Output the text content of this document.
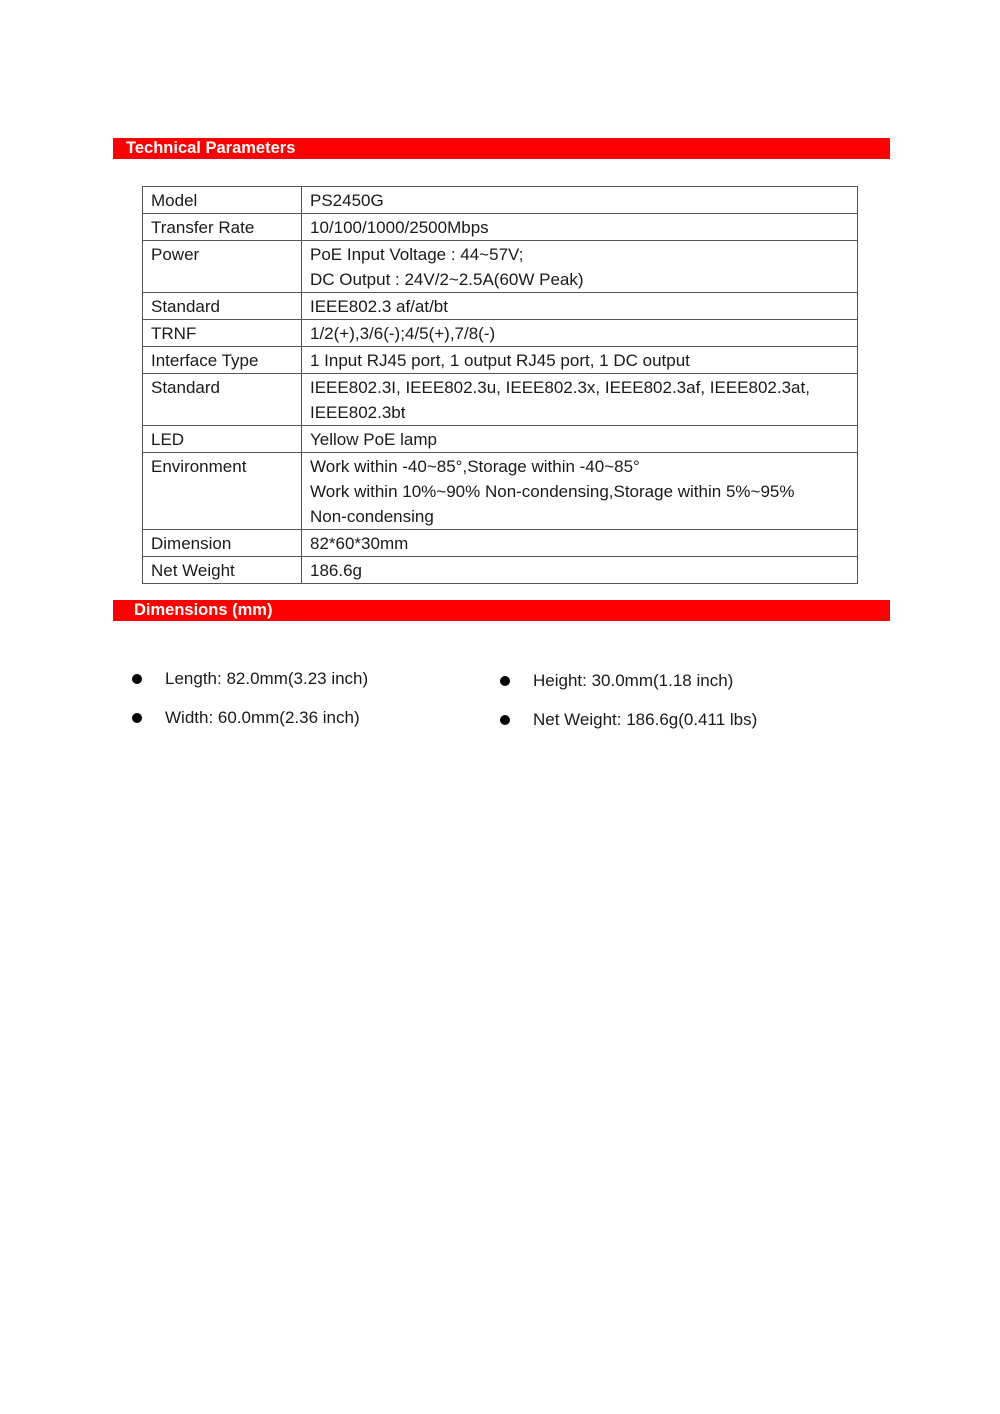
Technical Parameters
Model	PS2450G

Transfer Rate	10/100/1000/2500Mbps

Power	PoE Input Voltage : 44~57V;
DC Output : 24V/2~2.5A(60W Peak)

Standard	IEEE802.3 af/at/bt

TRNF	1/2(+),3/6(-);4/5(+),7/8(-)

Interface Type	1 Input RJ45 port, 1 output RJ45 port, 1 DC output

Standard	IEEE802.3I, IEEE802.3u, IEEE802.3x, IEEE802.3af, IEEE802.3at,
IEEE802.3bt

LED	Yellow PoE lamp

Environment	Work within -40~85°,Storage within -40~85°
Work within 10%~90% Non-condensing,Storage within 5%~95%
Non-condensing

Dimension	82*60*30mm

Net Weight	186.6g
Dimensions (mm)
Length: 82.0mm(3.23 inch)
Width: 60.0mm(2.36 inch)
Height: 30.0mm(1.18 inch)
Net Weight: 186.6g(0.411 lbs)
